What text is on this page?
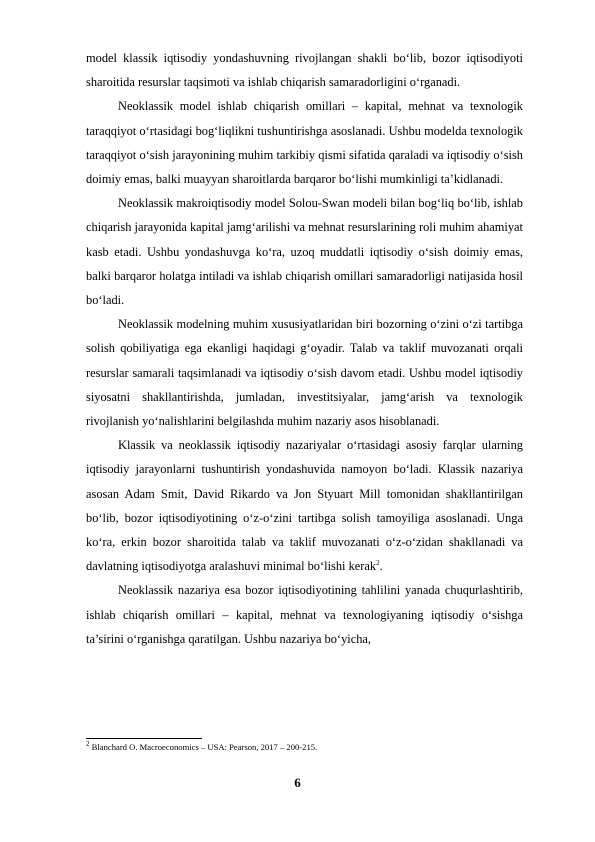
model klassik iqtisodiy yondashuvning rivojlangan shakli bo‘lib, bozor iqtisodiyoti sharoitida resurslar taqsimoti va ishlab chiqarish samaradorligini o‘rganadi.

Neoklassik model ishlab chiqarish omillari – kapital, mehnat va texnologik taraqqiyot o‘rtasidagi bog‘liqlikni tushuntirishga asoslanadi. Ushbu modelda texnologik taraqqiyot o‘sish jarayonining muhim tarkibiy qismi sifatida qaraladi va iqtisodiy o‘sish doimiy emas, balki muayyan sharoitlarda barqaror bo‘lishi mumkinligi ta’kidlanadi.

Neoklassik makroiqtisodiy model Solou-Swan modeli bilan bog‘liq bo‘lib, ishlab chiqarish jarayonida kapital jamg‘arilishi va mehnat resurslarining roli muhim ahamiyat kasb etadi. Ushbu yondashuvga ko‘ra, uzoq muddatli iqtisodiy o‘sish doimiy emas, balki barqaror holatga intiladi va ishlab chiqarish omillari samaradorligi natijasida hosil bo‘ladi.

Neoklassik modelning muhim xususiyatlaridan biri bozorning o‘zini o‘zi tartibga solish qobiliyatiga ega ekanligi haqidagi g‘oyadir. Talab va taklif muvozanati orqali resurslar samarali taqsimlanadi va iqtisodiy o‘sish davom etadi. Ushbu model iqtisodiy siyosatni shakllantirishda, jumladan, investitsiyalar, jamg‘arish va texnologik rivojlanish yo‘nalishlarini belgilashda muhim nazariy asos hisoblanadi.

Klassik va neoklassik iqtisodiy nazariyalar o‘rtasidagi asosiy farqlar ularning iqtisodiy jarayonlarni tushuntirish yondashuvida namoyon bo‘ladi. Klassik nazariya asosan Adam Smit, David Rikardo va Jon Styuart Mill tomonidan shakllantirilgan bo‘lib, bozor iqtisodiyotining o‘z-o‘zini tartibga solish tamoyiliga asoslanadi. Unga ko‘ra, erkin bozor sharoitida talab va taklif muvozanati o‘z-o‘zidan shakllanadi va davlatning iqtisodiyotga aralashuvi minimal bo‘lishi kerak$^2$.

Neoklassik nazariya esa bozor iqtisodiyotining tahlilini yanada chuqurlashtirib, ishlab chiqarish omillari – kapital, mehnat va texnologiyaning iqtisodiy o‘sishga ta’sirini o‘rganishga qaratilgan. Ushbu nazariya bo‘yicha,

$^2$ Blanchard O. Macroeconomics – USA: Pearson, 2017 – 200-215.
6
